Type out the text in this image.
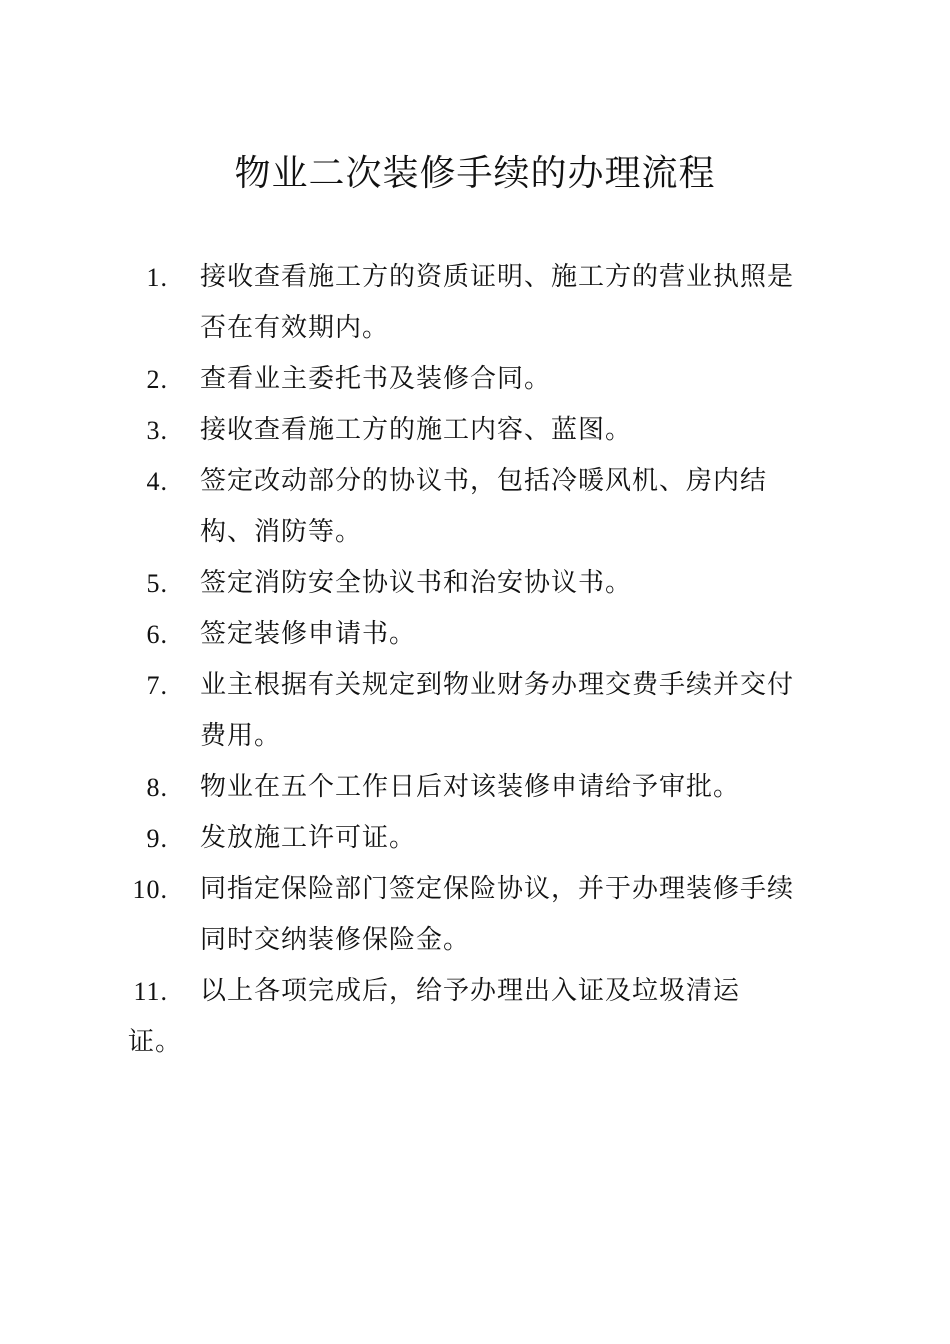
物业二次装修手续的办理流程
1. 接收查看施工方的资质证明、施工方的营业执照是否在有效期内。
2. 查看业主委托书及装修合同。
3. 接收查看施工方的施工内容、蓝图。
4. 签定改动部分的协议书，包括冷暖风机、房内结构、消防等。
5. 签定消防安全协议书和治安协议书。
6. 签定装修申请书。
7. 业主根据有关规定到物业财务办理交费手续并交付费用。
8. 物业在五个工作日后对该装修申请给予审批。
9. 发放施工许可证。
10. 同指定保险部门签定保险协议，并于办理装修手续同时交纳装修保险金。
11. 以上各项完成后，给予办理出入证及垃圾清运
证。
